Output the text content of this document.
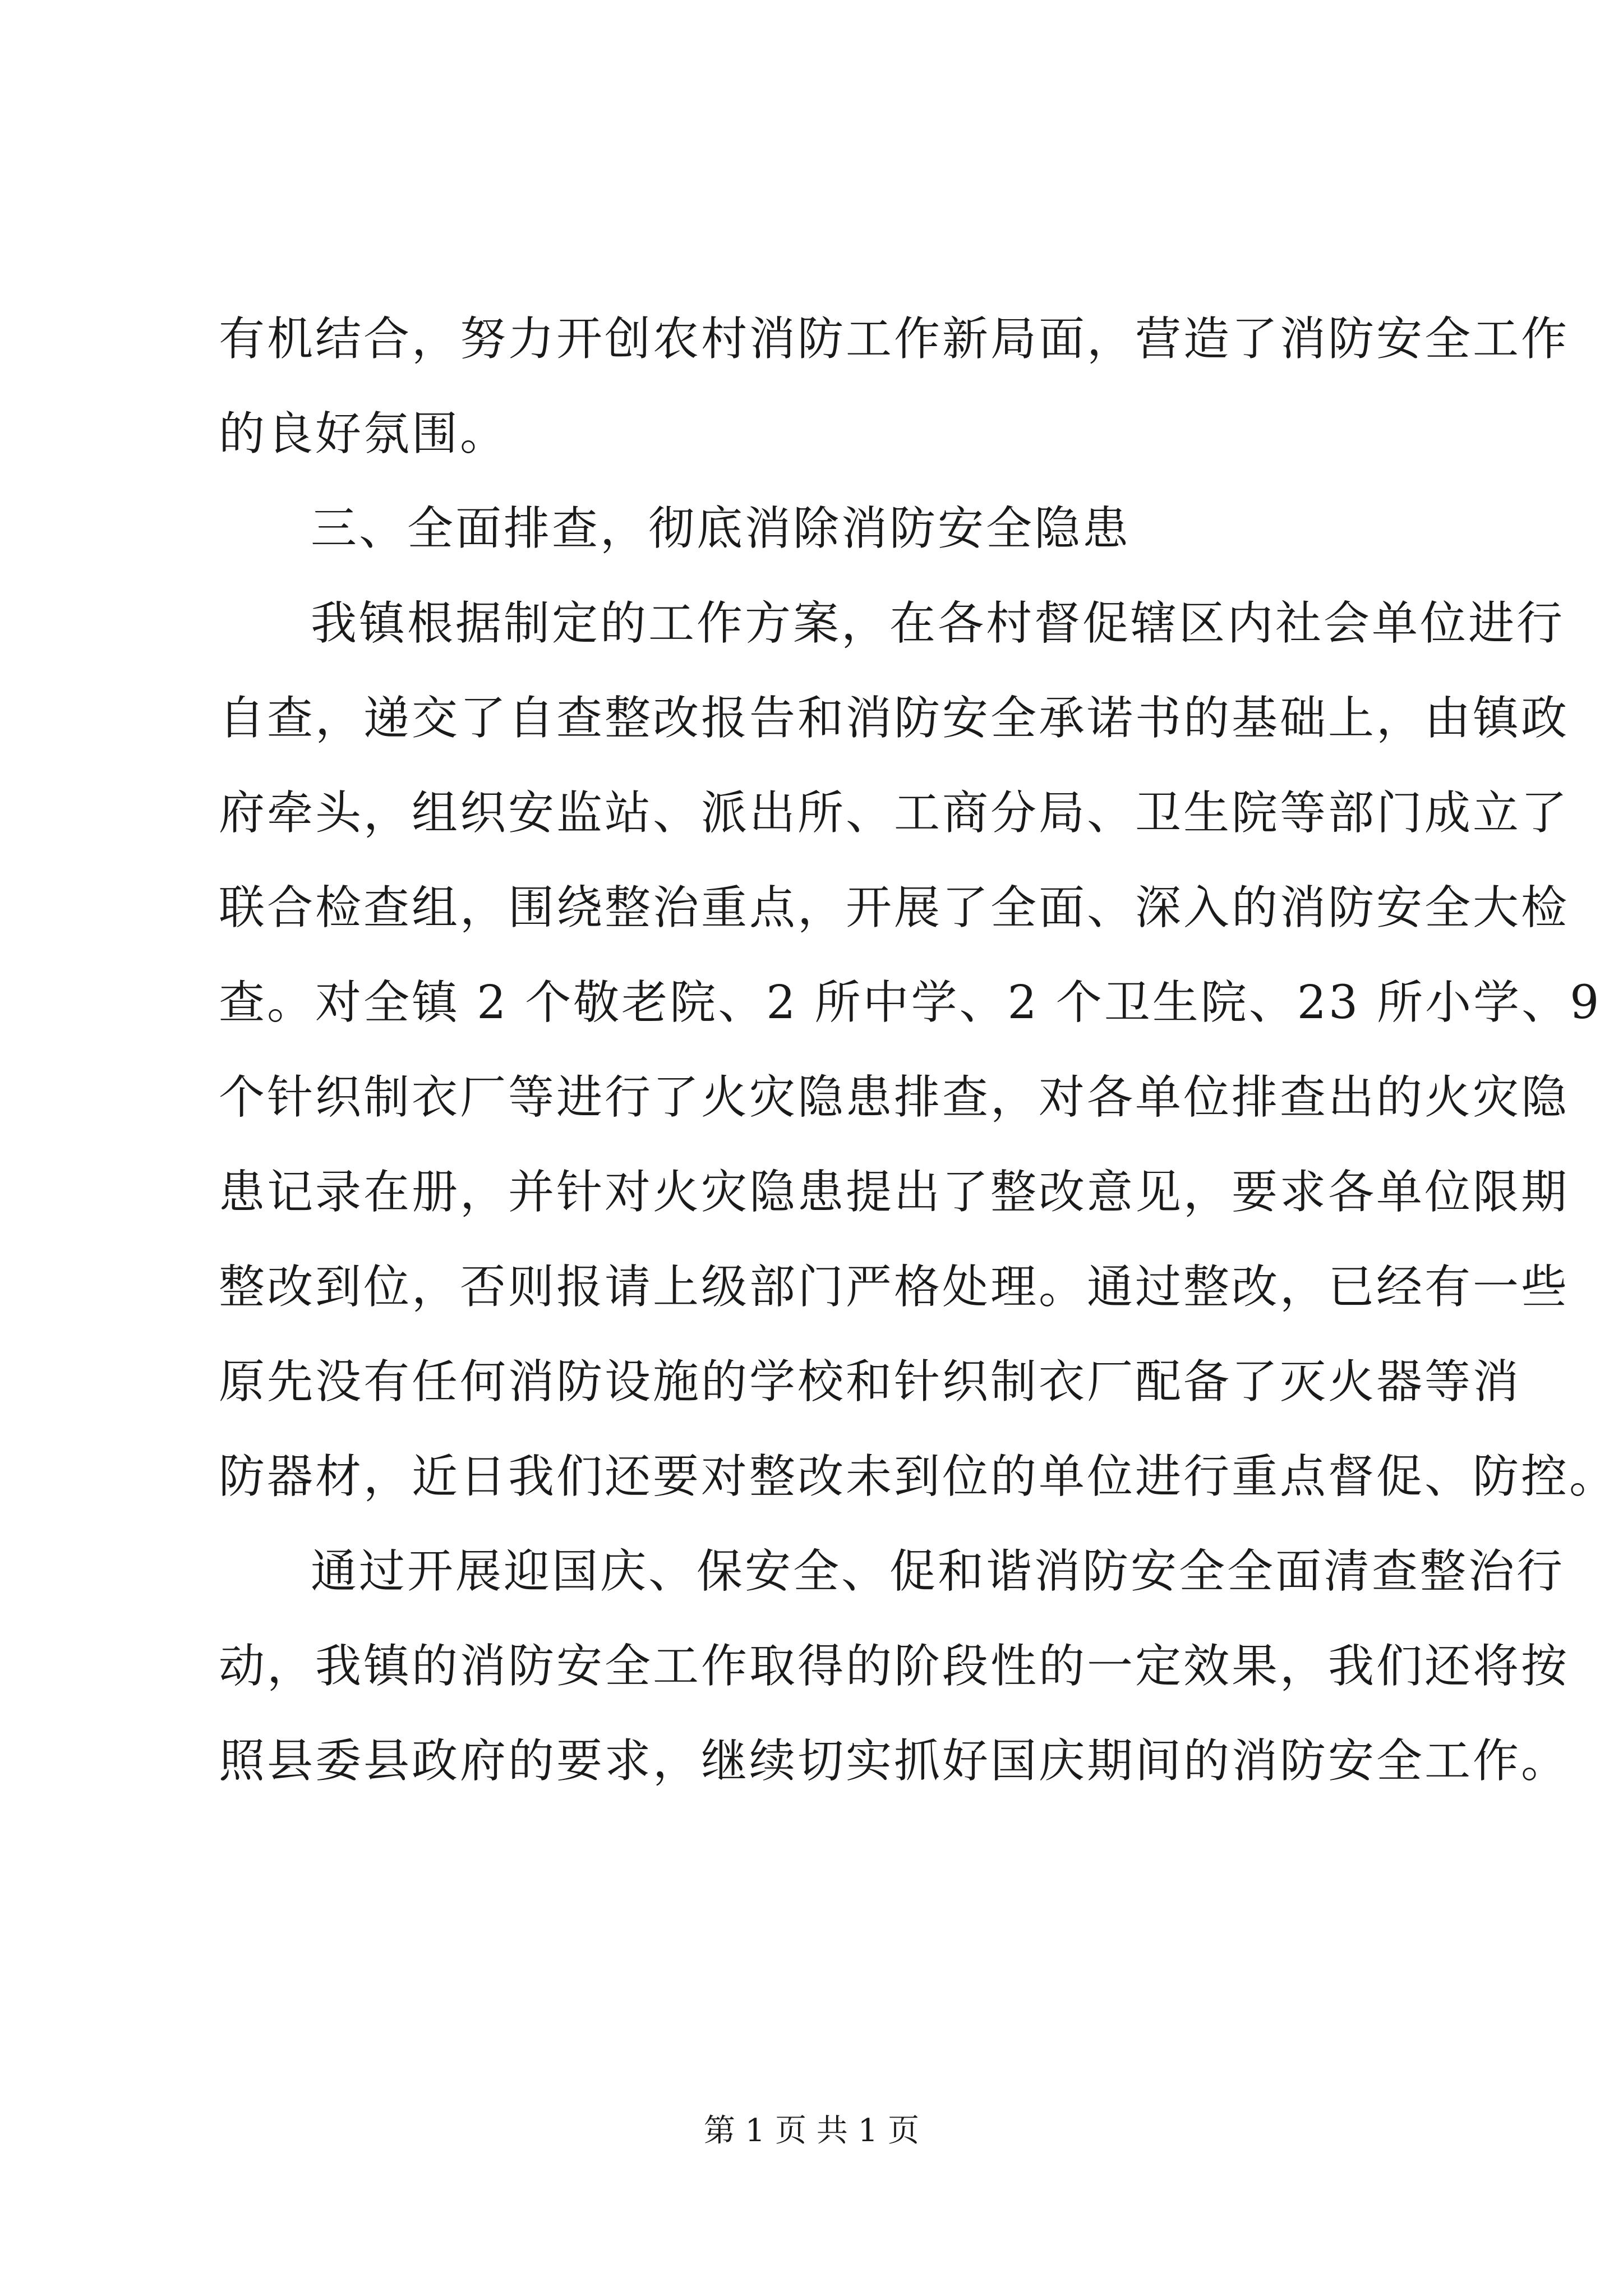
有机结合，努力开创农村消防工作新局面，营造了消防安全工作
的良好氛围。
三、全面排查，彻底消除消防安全隐患
我镇根据制定的工作方案，在各村督促辖区内社会单位进行
自查，递交了自查整改报告和消防安全承诺书的基础上，由镇政
府牵头，组织安监站、派出所、工商分局、卫生院等部门成立了
联合检查组，围绕整治重点，开展了全面、深入的消防安全大检
查。对全镇 2 个敬老院、2 所中学、2 个卫生院、23 所小学、9
个针织制衣厂等进行了火灾隐患排查，对各单位排查出的火灾隐
患记录在册，并针对火灾隐患提出了整改意见，要求各单位限期
整改到位，否则报请上级部门严格处理。通过整改，已经有一些
原先没有任何消防设施的学校和针织制衣厂配备了灭火器等消
防器材，近日我们还要对整改未到位的单位进行重点督促、防控。
通过开展迎国庆、保安全、促和谐消防安全全面清查整治行
动，我镇的消防安全工作取得的阶段性的一定效果，我们还将按
照县委县政府的要求，继续切实抓好国庆期间的消防安全工作。
第 1 页 共 1 页
